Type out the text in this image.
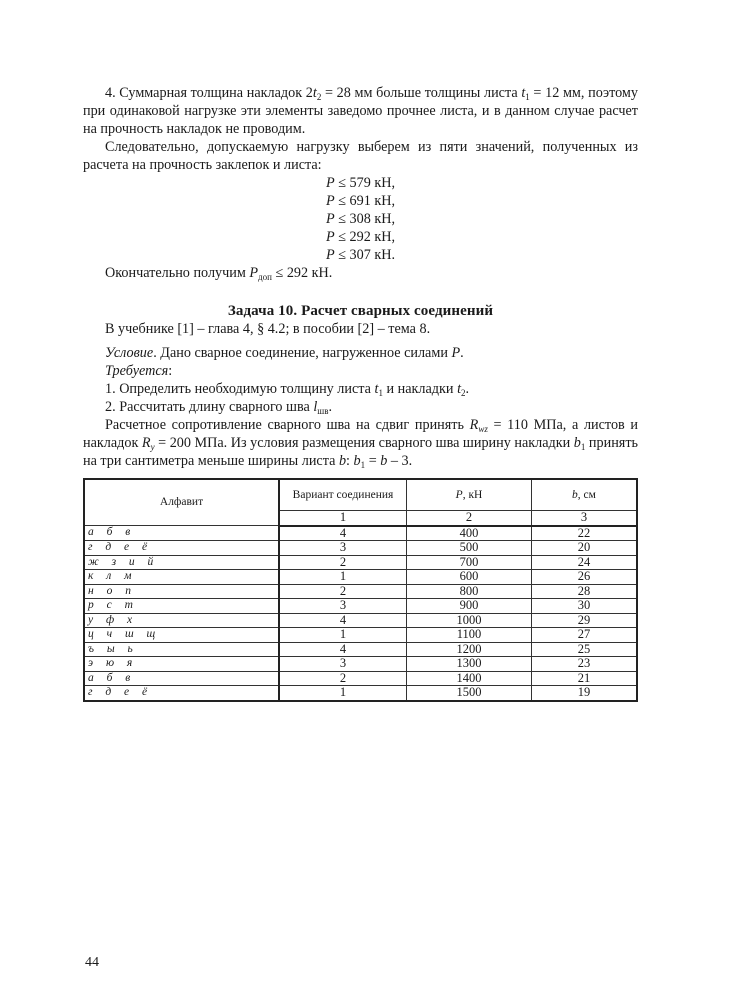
4. Суммарная толщина накладок $2t_2 = 28$ мм больше толщины листа $t_1 = 12$ мм, поэтому при одинаковой нагрузке эти элементы заведомо прочнее листа, и в данном случае расчет на прочность накладок не проводим.

Следовательно, допускаемую нагрузку выберем из пяти значений, полученных из расчета на прочность заклепок и листа:

P ≤ 579 кН,
P ≤ 691 кН,
P ≤ 308 кН,
P ≤ 292 кН,
P ≤ 307 кН.

Окончательно получим $P_{доп} \le 292$ кН.

Задача 10. Расчет сварных соединений

В учебнике [1] – глава 4, § 4.2; в пособии [2] – тема 8.

Условие. Дано сварное соединение, нагруженное силами P.

Требуется:

1. Определить необходимую толщину листа $t_1$ и накладки $t_2$.

2. Рассчитать длину сварного шва $l_{шв}$.

Расчетное сопротивление сварного шва на сдвиг принять $R_{wz} = 110$ МПа, а листов и накладок $R_y = 200$ МПа. Из условия размещения сварного шва ширину накладки $b_1$ принять на три сантиметра меньше ширины листа b: $b_1 = b - 3$.

Алфавит	Вариант соединения	P, кН	b, см
	1	2	3
а б в	4	400	22
г д е ё	3	500	20
ж з и й	2	700	24
к л м	1	600	26
н о п	2	800	28
р с т	3	900	30
у ф х	4	1000	29
ц ч ш щ	1	1100	27
ъ ы ь	4	1200	25
э ю я	3	1300	23
а б в	2	1400	21
г д е ё	1	1500	19
44
